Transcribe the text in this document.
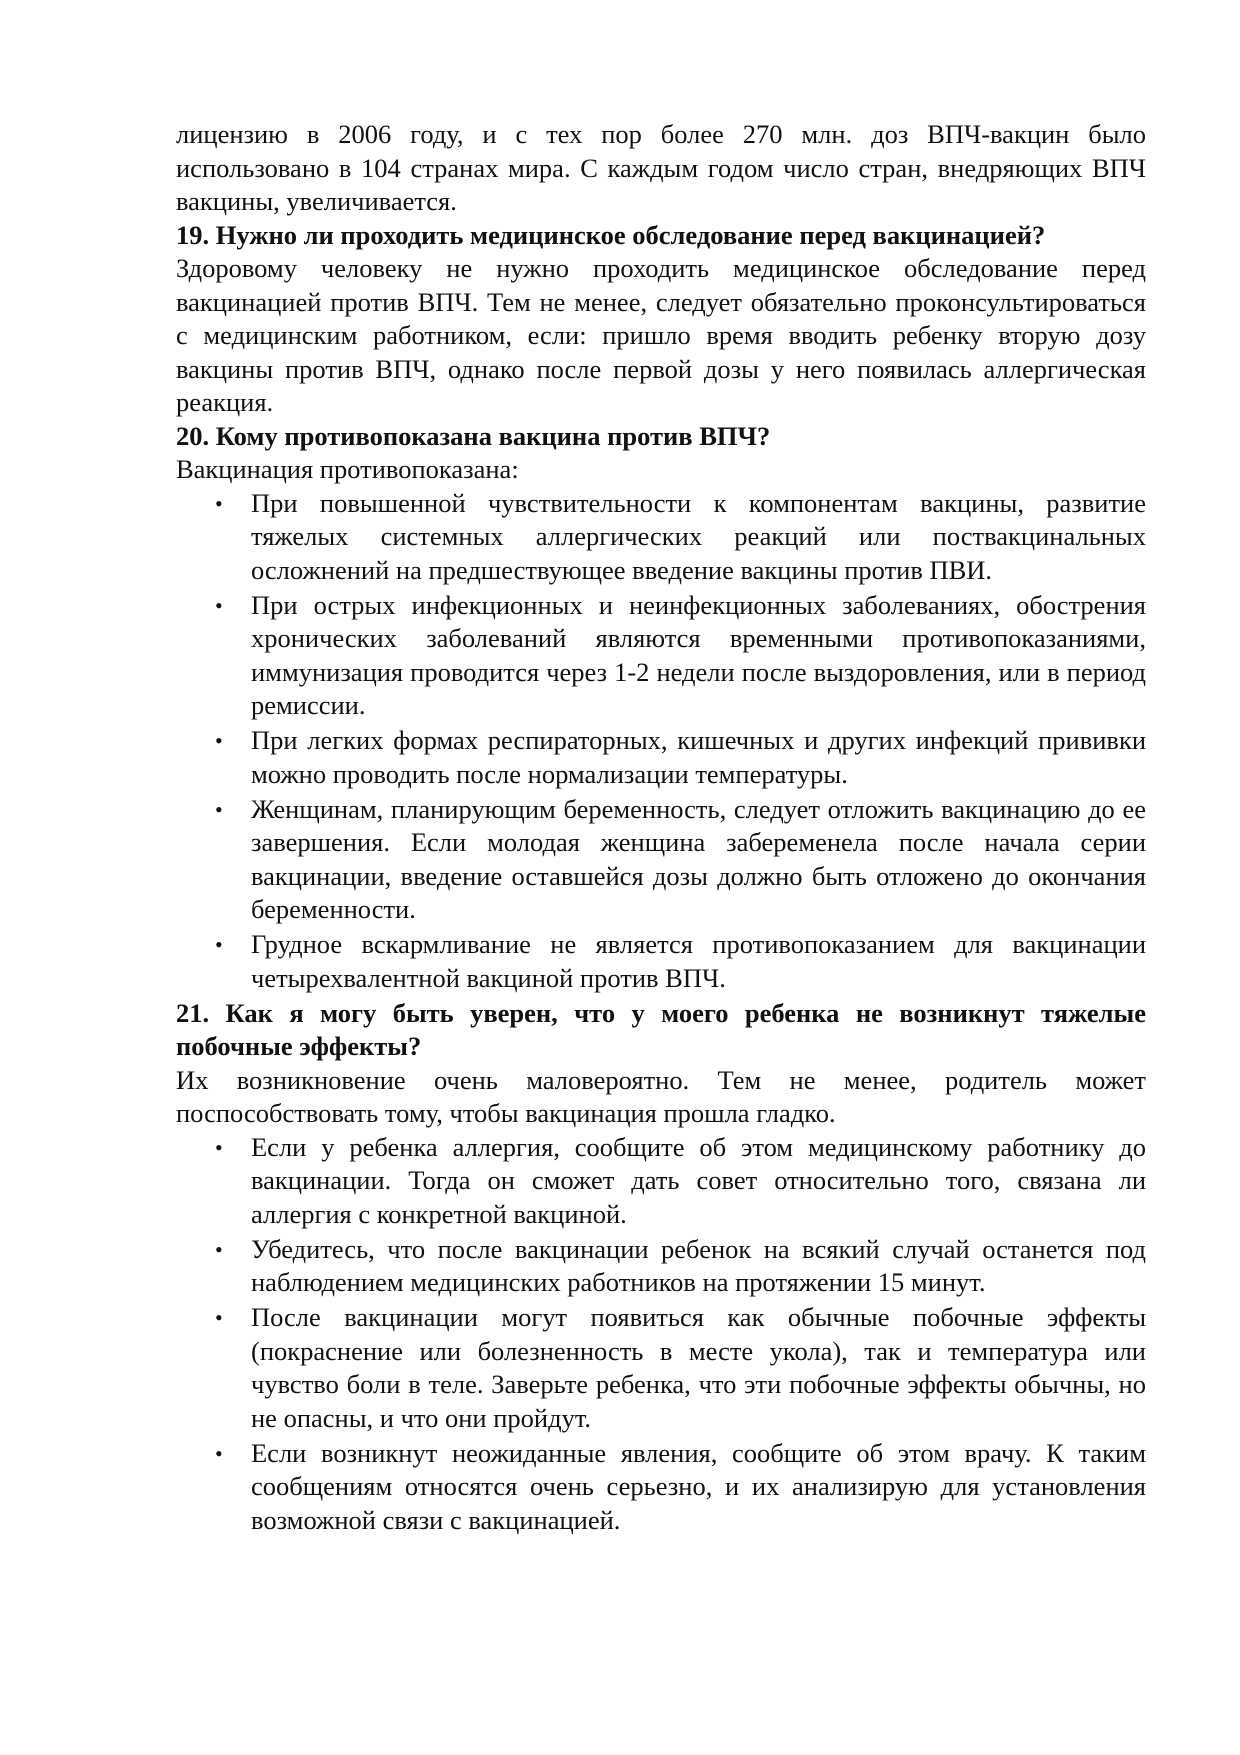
лицензию в 2006 году, и с тех пор более 270 млн. доз ВПЧ-вакцин было использовано в 104 странах мира. С каждым годом число стран, внедряющих ВПЧ вакцины, увеличивается.

19. Нужно ли проходить медицинское обследование перед вакцинацией?

Здоровому человеку не нужно проходить медицинское обследование перед вакцинацией против ВПЧ. Тем не менее, следует обязательно проконсультироваться с медицинским работником, если: пришло время вводить ребенку вторую дозу вакцины против ВПЧ, однако после первой дозы у него появилась аллергическая реакция.

20. Кому противопоказана вакцина против ВПЧ?

Вакцинация противопоказана:

• При повышенной чувствительности к компонентам вакцины, развитие тяжелых системных аллергических реакций или поствакцинальных осложнений на предшествующее введение вакцины против ПВИ.
• При острых инфекционных и неинфекционных заболеваниях, обострения хронических заболеваний являются временными противопоказаниями, иммунизация проводится через 1-2 недели после выздоровления, или в период ремиссии.
• При легких формах респираторных, кишечных и других инфекций прививки можно проводить после нормализации температуры.
• Женщинам, планирующим беременность, следует отложить вакцинацию до ее завершения. Если молодая женщина забеременела после начала серии вакцинации, введение оставшейся дозы должно быть отложено до окончания беременности.
• Грудное вскармливание не является противопоказанием для вакцинации четырехвалентной вакциной против ВПЧ.

21. Как я могу быть уверен, что у моего ребенка не возникнут тяжелые побочные эффекты?

Их возникновение очень маловероятно. Тем не менее, родитель может поспособствовать тому, чтобы вакцинация прошла гладко.

• Если у ребенка аллергия, сообщите об этом медицинскому работнику до вакцинации. Тогда он сможет дать совет относительно того, связана ли аллергия с конкретной вакциной.
• Убедитесь, что после вакцинации ребенок на всякий случай останется под наблюдением медицинских работников на протяжении 15 минут.
• После вакцинации могут появиться как обычные побочные эффекты (покраснение или болезненность в месте укола), так и температура или чувство боли в теле. Заверьте ребенка, что эти побочные эффекты обычны, но не опасны, и что они пройдут.
• Если возникнут неожиданные явления, сообщите об этом врачу. К таким сообщениям относятся очень серьезно, и их анализирую для установления возможной связи с вакцинацией.
